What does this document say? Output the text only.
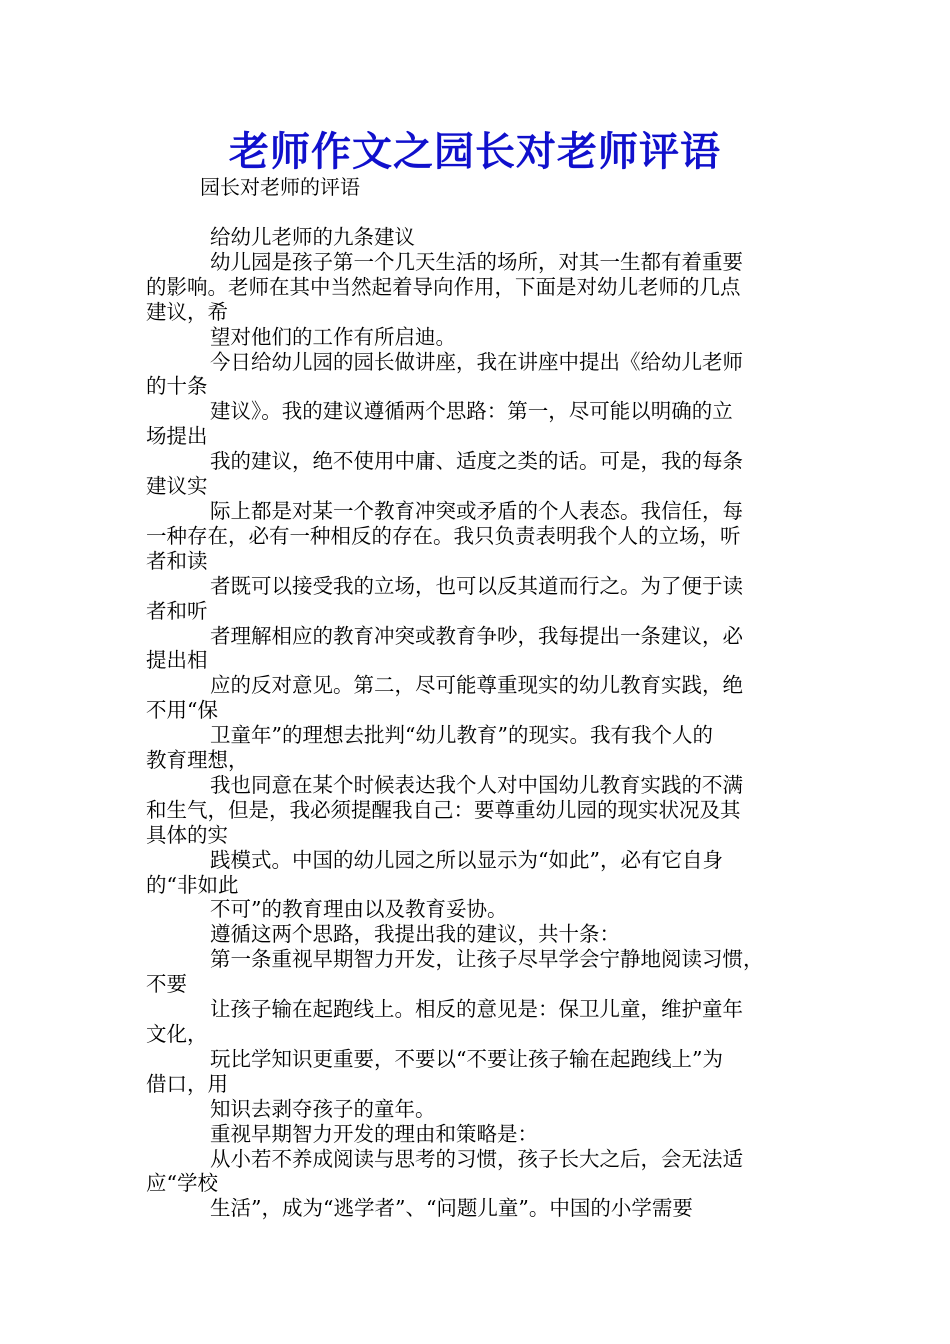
老师作文之园长对老师评语
园长对老师的评语

给幼儿老师的九条建议

幼儿园是孩子第一个几天生活的场所，对其一生都有着重要

的影响。老师在其中当然起着导向作用，下面是对幼儿老师的几点

建议，希

望对他们的工作有所启迪。

今日给幼儿园的园长做讲座，我在讲座中提出《给幼儿老师

的十条

建议》。我的建议遵循两个思路：第一，尽可能以明确的立

场提出

我的建议，绝不使用中庸、适度之类的话。可是，我的每条

建议实

际上都是对某一个教育冲突或矛盾的个人表态。我信任，每

一种存在，必有一种相反的存在。我只负责表明我个人的立场，听

者和读

者既可以接受我的立场，也可以反其道而行之。为了便于读

者和听

者理解相应的教育冲突或教育争吵，我每提出一条建议，必

提出相

应的反对意见。第二，尽可能尊重现实的幼儿教育实践，绝

不用“保

卫童年”的理想去批判“幼儿教育”的现实。我有我个人的

教育理想，

我也同意在某个时候表达我个人对中国幼儿教育实践的不满

和生气，但是，我必须提醒我自己：要尊重幼儿园的现实状况及其

具体的实

践模式。中国的幼儿园之所以显示为“如此”，必有它自身

的“非如此

不可”的教育理由以及教育妥协。

遵循这两个思路，我提出我的建议，共十条：

第一条重视早期智力开发，让孩子尽早学会宁静地阅读习惯，

不要

让孩子输在起跑线上。相反的意见是：保卫儿童，维护童年

文化，

玩比学知识更重要，不要以“不要让孩子输在起跑线上”为

借口，用

知识去剥夺孩子的童年。

重视早期智力开发的理由和策略是：

从小若不养成阅读与思考的习惯，孩子长大之后，会无法适

应“学校

生活”，成为“逃学者”、“问题儿童”。中国的小学需要
